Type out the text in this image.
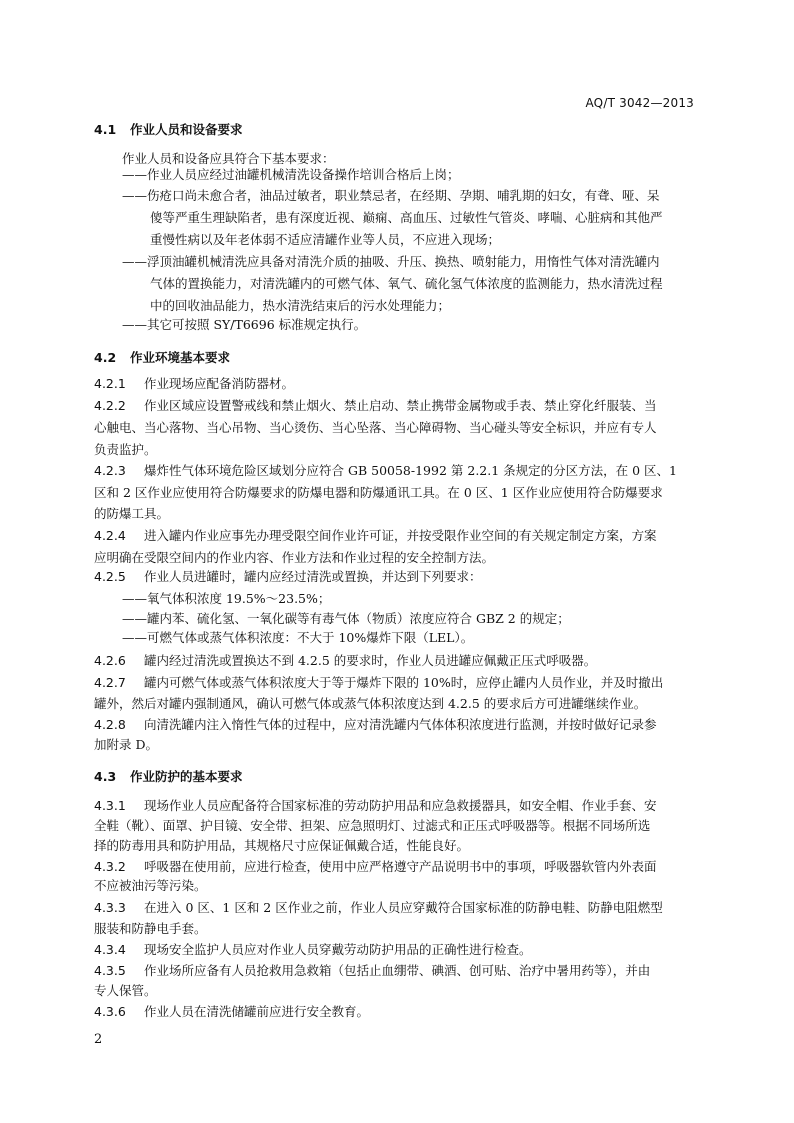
AQ/T 3042—2013
4.1 作业人员和设备要求
作业人员和设备应具符合下基本要求：
——作业人员应经过油罐机械清洗设备操作培训合格后上岗；
——伤疮口尚未愈合者，油品过敏者，职业禁忌者，在经期、孕期、哺乳期的妇女，有聋、哑、呆
傻等严重生理缺陷者，患有深度近视、巅痫、高血压、过敏性气管炎、哮喘、心脏病和其他严
重慢性病以及年老体弱不适应清罐作业等人员，不应进入现场；
——浮顶油罐机械清洗应具备对清洗介质的抽吸、升压、换热、喷射能力，用惰性气体对清洗罐内
气体的置换能力，对清洗罐内的可燃气体、氧气、硫化氢气体浓度的监测能力，热水清洗过程
中的回收油品能力，热水清洗结束后的污水处理能力；
——其它可按照 SY/T6696 标准规定执行。
4.2 作业环境基本要求
4.2.1 作业现场应配备消防器材。
4.2.2 作业区域应设置警戒线和禁止烟火、禁止启动、禁止携带金属物或手表、禁止穿化纤服装、当
心触电、当心落物、当心吊物、当心烫伤、当心坠落、当心障碍物、当心碰头等安全标识，并应有专人
负责监护。
4.2.3 爆炸性气体环境危险区域划分应符合 GB 50058-1992 第 2.2.1 条规定的分区方法，在 0 区、1
区和 2 区作业应使用符合防爆要求的防爆电器和防爆通讯工具。在 0 区、1 区作业应使用符合防爆要求
的防爆工具。
4.2.4 进入罐内作业应事先办理受限空间作业许可证，并按受限作业空间的有关规定制定方案，方案
应明确在受限空间内的作业内容、作业方法和作业过程的安全控制方法。
4.2.5 作业人员进罐时，罐内应经过清洗或置换，并达到下列要求：
——氧气体积浓度 19.5%～23.5%；
——罐内苯、硫化氢、一氧化碳等有毒气体（物质）浓度应符合 GBZ 2 的规定；
——可燃气体或蒸气体积浓度：不大于 10%爆炸下限（LEL）。
4.2.6 罐内经过清洗或置换达不到 4.2.5 的要求时，作业人员进罐应佩戴正压式呼吸器。
4.2.7 罐内可燃气体或蒸气体积浓度大于等于爆炸下限的 10%时，应停止罐内人员作业，并及时撤出
罐外，然后对罐内强制通风，确认可燃气体或蒸气体积浓度达到 4.2.5 的要求后方可进罐继续作业。
4.2.8 向清洗罐内注入惰性气体的过程中，应对清洗罐内气体体积浓度进行监测，并按时做好记录参
加附录 D。
4.3 作业防护的基本要求
4.3.1 现场作业人员应配备符合国家标准的劳动防护用品和应急救援器具，如安全帽、作业手套、安
全鞋（靴）、面罩、护目镜、安全带、担架、应急照明灯、过滤式和正压式呼吸器等。根据不同场所选
择的防毒用具和防护用品，其规格尺寸应保证佩戴合适，性能良好。
4.3.2 呼吸器在使用前，应进行检查，使用中应严格遵守产品说明书中的事项，呼吸器软管内外表面
不应被油污等污染。
4.3.3 在进入 0 区、1 区和 2 区作业之前，作业人员应穿戴符合国家标准的防静电鞋、防静电阻燃型
服装和防静电手套。
4.3.4 现场安全监护人员应对作业人员穿戴劳动防护用品的正确性进行检查。
4.3.5 作业场所应备有人员抢救用急救箱（包括止血绷带、碘酒、创可贴、治疗中暑用药等），并由
专人保管。
4.3.6 作业人员在清洗储罐前应进行安全教育。
2
